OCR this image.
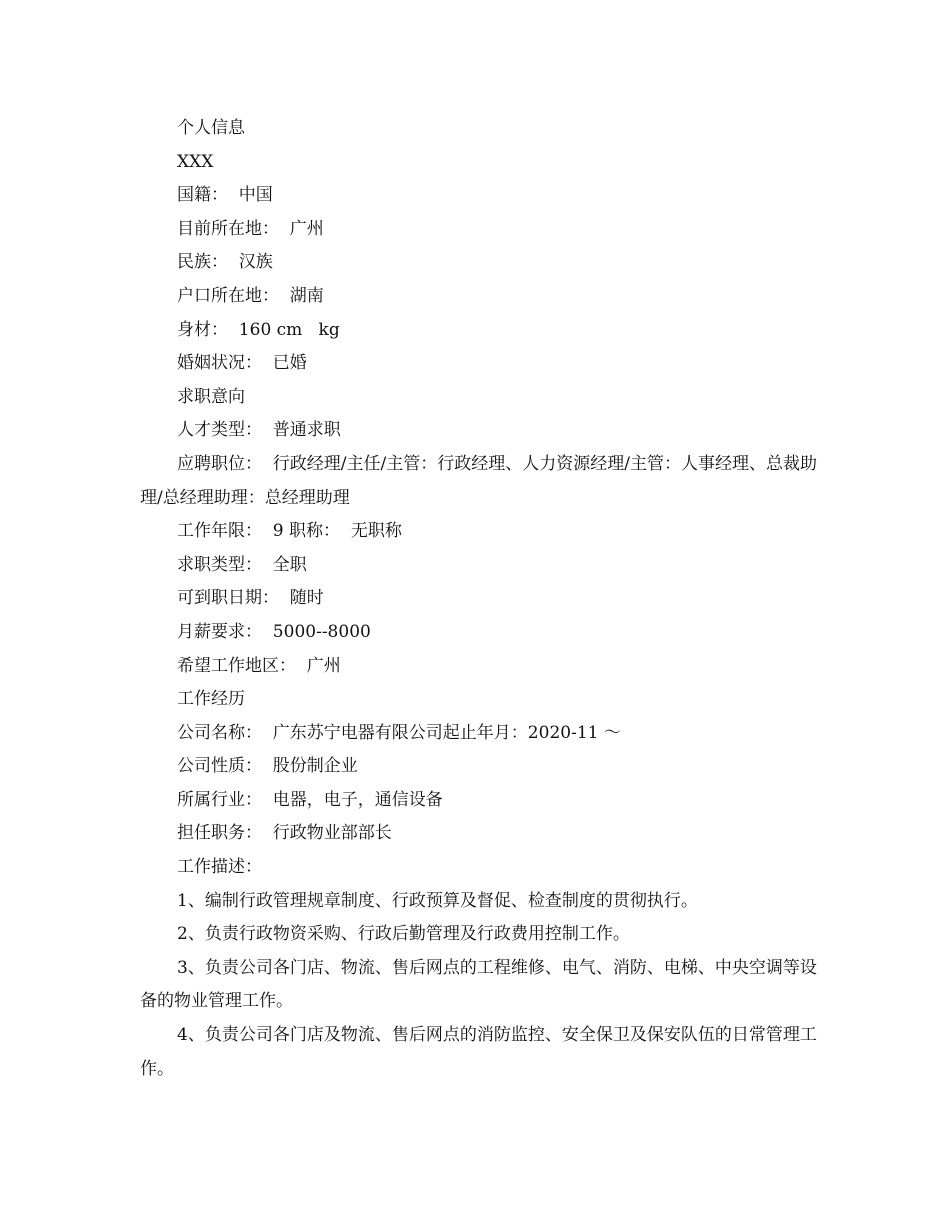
个人信息

XXX

国籍：  中国

目前所在地：  广州

民族：  汉族

户口所在地：  湖南

身材：  160 cm   kg

婚姻状况：  已婚

求职意向

人才类型：  普通求职

应聘职位：  行政经理/主任/主管：行政经理、人力资源经理/主管：人事经理、总裁助理/总经理助理：总经理助理

工作年限：  9 职称：  无职称

求职类型：  全职

可到职日期：  随时

月薪要求：  5000--8000

希望工作地区：  广州

工作经历

公司名称：  广东苏宁电器有限公司起止年月：2020-11 ～

公司性质：  股份制企业

所属行业：  电器，电子，通信设备

担任职务：  行政物业部部长

工作描述：

1、编制行政管理规章制度、行政预算及督促、检查制度的贯彻执行。

2、负责行政物资采购、行政后勤管理及行政费用控制工作。

3、负责公司各门店、物流、售后网点的工程维修、电气、消防、电梯、中央空调等设备的物业管理工作。

4、负责公司各门店及物流、售后网点的消防监控、安全保卫及保安队伍的日常管理工作。
